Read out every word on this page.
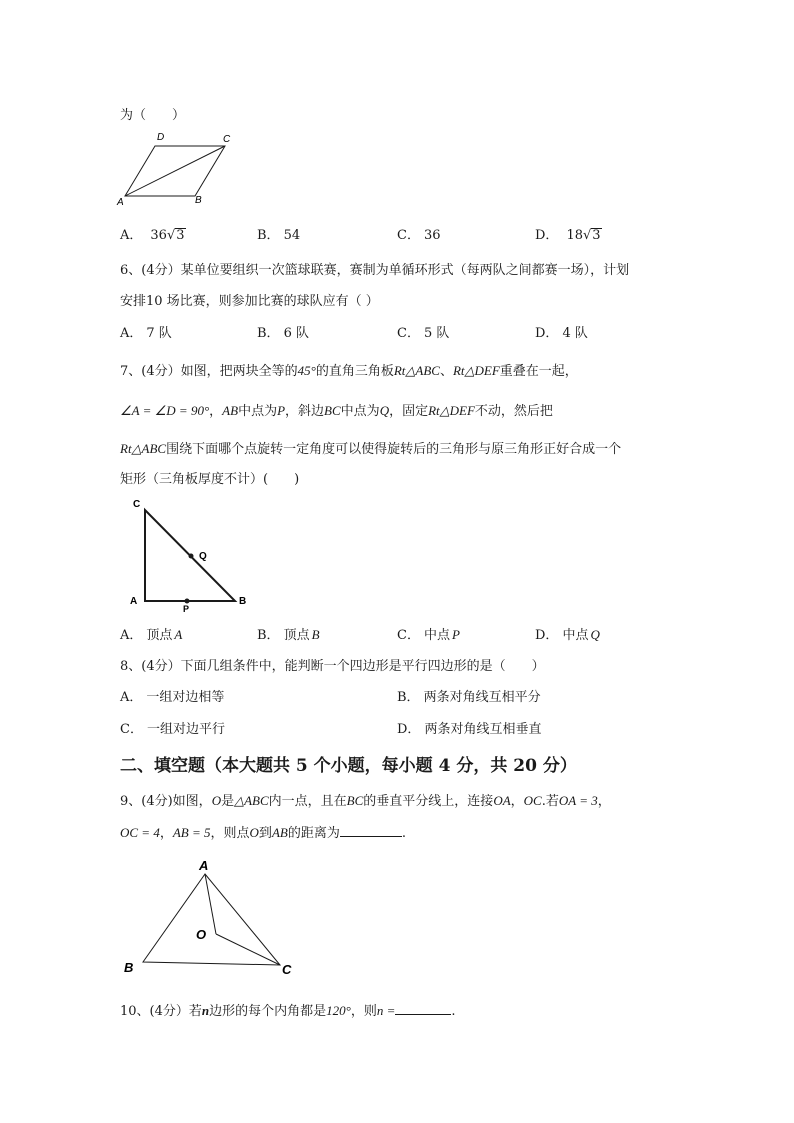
为（　　）
D	C
A	B
A． 36√3	B． 54	C． 36	D． 18√3
6、(4分）某单位要组织一次篮球联赛，赛制为单循环形式（每两队之间都赛一场），计划
安排10 场比赛，则参加比赛的球队应有（ ）
A． 7 队	B． 6 队	C． 5 队	D． 4 队
7、(4分）如图，把两块全等的45°的直角三角板Rt△ABC、Rt△DEF重叠在一起，
∠A = ∠D = 90°，AB中点为P，斜边BC中点为Q，固定Rt△DEF不动，然后把
Rt△ABC围绕下面哪个点旋转一定角度可以使得旋转后的三角形与原三角形正好合成一个
矩形（三角板厚度不计）(　　)
C
Q
A	B
P
A． 顶点 A	B． 顶点 B	C． 中点 P	D． 中点 Q
8、(4分）下面几组条件中，能判断一个四边形是平行四边形的是（　　）
A． 一组对边相等	B． 两条对角线互相平分
C． 一组对边平行	D． 两条对角线互相垂直
二、填空题（本大题共 5 个小题，每小题 4 分，共 20 分）
9、(4分)如图，O是△ABC内一点，且在BC的垂直平分线上，连接OA，OC.若OA = 3，
OC = 4，AB = 5，则点O到AB的距离为	.
A
O
B	C
10、(4分）若n边形的每个内角都是120°，则n =	.
